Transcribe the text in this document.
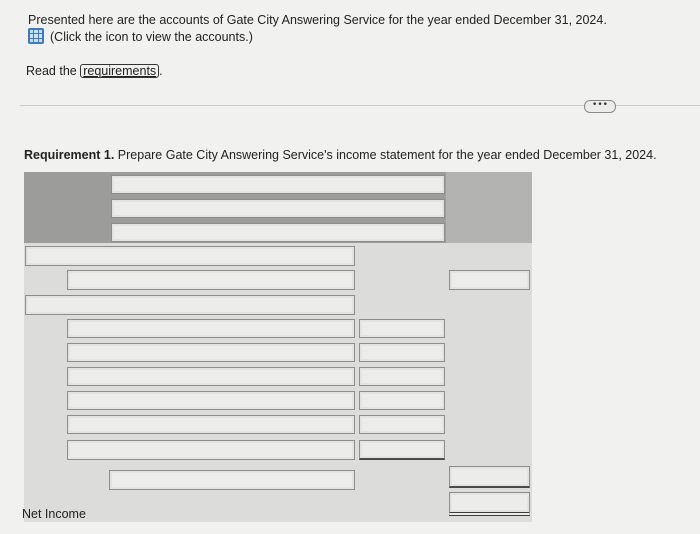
Presented here are the accounts of Gate City Answering Service for the year ended December 31, 2024.
(Click the icon to view the accounts.)
Read the requirements .
•••
Requirement 1. Prepare Gate City Answering Service's income statement for the year ended December 31, 2024.
Net Income
